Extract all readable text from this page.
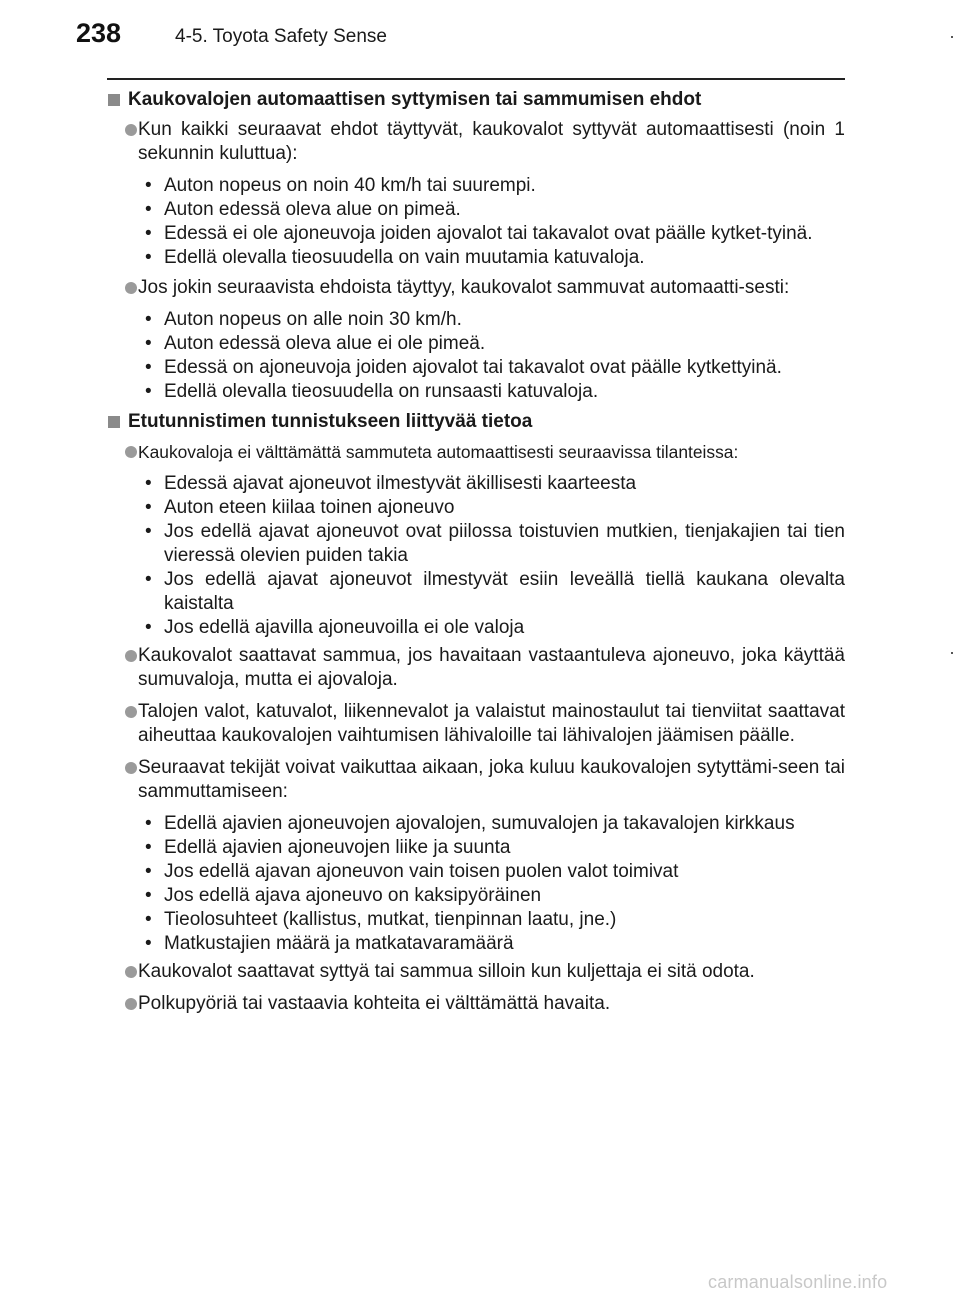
238	4-5. Toyota Safety Sense
Kaukovalojen automaattisen syttymisen tai sammumisen ehdot
Kun kaikki seuraavat ehdot täyttyvät, kaukovalot syttyvät automaattisesti (noin 1 sekunnin kuluttua):
• Auton nopeus on noin 40 km/h tai suurempi.
• Auton edessä oleva alue on pimeä.
• Edessä ei ole ajoneuvoja joiden ajovalot tai takavalot ovat päälle kytket-tyinä.
• Edellä olevalla tieosuudella on vain muutamia katuvaloja.
Jos jokin seuraavista ehdoista täyttyy, kaukovalot sammuvat automaatti-sesti:
• Auton nopeus on alle noin 30 km/h.
• Auton edessä oleva alue ei ole pimeä.
• Edessä on ajoneuvoja joiden ajovalot tai takavalot ovat päälle kytkettyinä.
• Edellä olevalla tieosuudella on runsaasti katuvaloja.
Etutunnistimen tunnistukseen liittyvää tietoa
Kaukovaloja ei välttämättä sammuteta automaattisesti seuraavissa tilanteissa:
• Edessä ajavat ajoneuvot ilmestyvät äkillisesti kaarteesta
• Auton eteen kiilaa toinen ajoneuvo
• Jos edellä ajavat ajoneuvot ovat piilossa toistuvien mutkien, tienjakajien tai tien vieressä olevien puiden takia
• Jos edellä ajavat ajoneuvot ilmestyvät esiin leveällä tiellä kaukana olevalta kaistalta
• Jos edellä ajavilla ajoneuvoilla ei ole valoja
Kaukovalot saattavat sammua, jos havaitaan vastaantuleva ajoneuvo, joka käyttää sumuvaloja, mutta ei ajovaloja.
Talojen valot, katuvalot, liikennevalot ja valaistut mainostaulut tai tienviitat saattavat aiheuttaa kaukovalojen vaihtumisen lähivaloille tai lähivalojen jäämisen päälle.
Seuraavat tekijät voivat vaikuttaa aikaan, joka kuluu kaukovalojen sytyttämi-seen tai sammuttamiseen:
• Edellä ajavien ajoneuvojen ajovalojen, sumuvalojen ja takavalojen kirkkaus
• Edellä ajavien ajoneuvojen liike ja suunta
• Jos edellä ajavan ajoneuvon vain toisen puolen valot toimivat
• Jos edellä ajava ajoneuvo on kaksipyöräinen
• Tieolosuhteet (kallistus, mutkat, tienpinnan laatu, jne.)
• Matkustajien määrä ja matkatavaramäärä
Kaukovalot saattavat syttyä tai sammua silloin kun kuljettaja ei sitä odota.
Polkupyöriä tai vastaavia kohteita ei välttämättä havaita.
carmanualsonline.info
